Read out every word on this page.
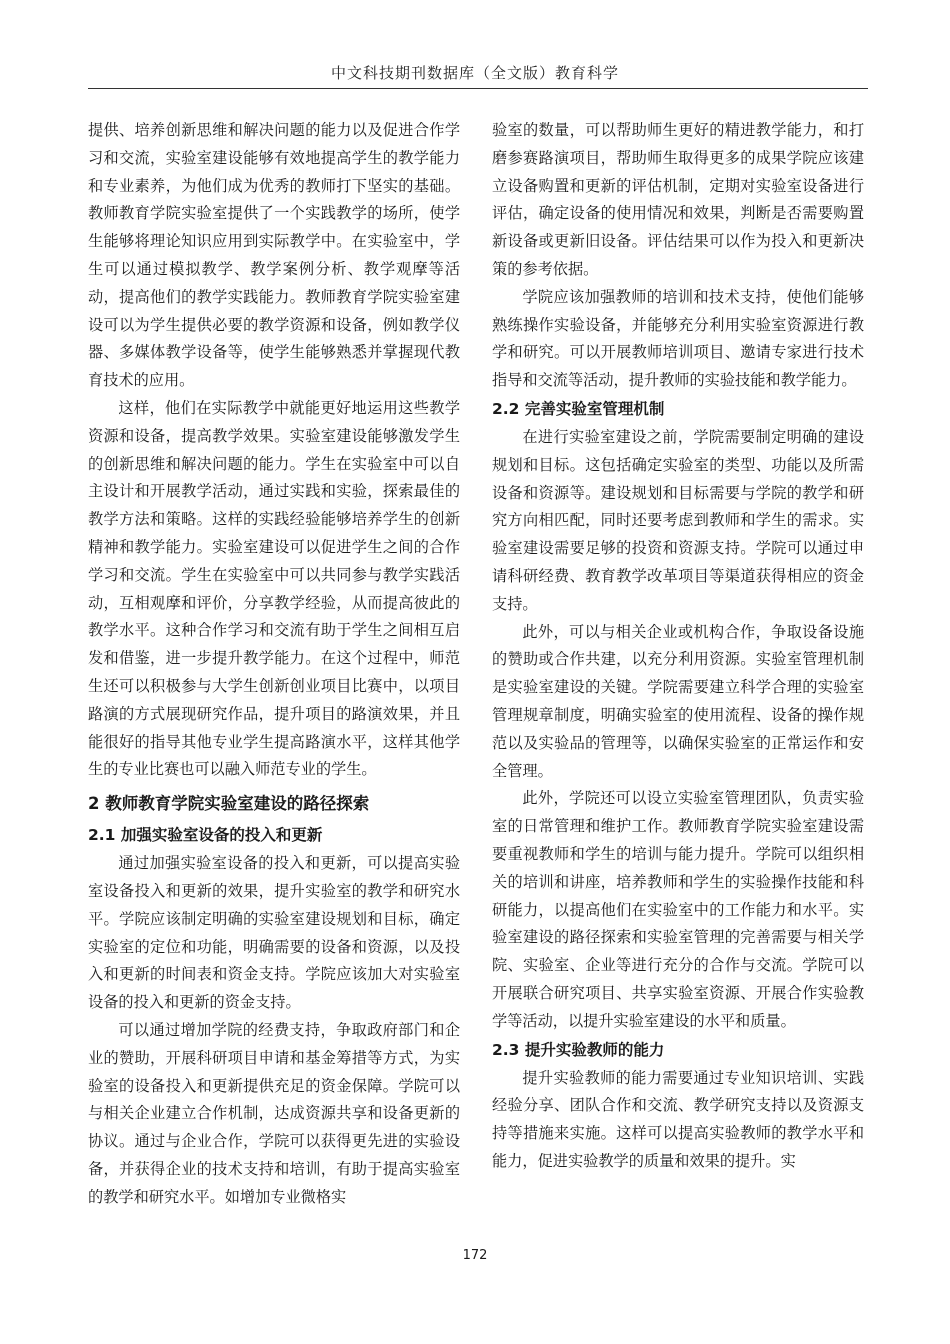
中文科技期刊数据库（全文版）教育科学

提供、培养创新思维和解决问题的能力以及促进合作学习和交流，实验室建设能够有效地提高学生的教学能力和专业素养，为他们成为优秀的教师打下坚实的基础。教师教育学院实验室提供了一个实践教学的场所，使学生能够将理论知识应用到实际教学中。在实验室中，学生可以通过模拟教学、教学案例分析、教学观摩等活动，提高他们的教学实践能力。教师教育学院实验室建设可以为学生提供必要的教学资源和设备，例如教学仪器、多媒体教学设备等，使学生能够熟悉并掌握现代教育技术的应用。

这样，他们在实际教学中就能更好地运用这些教学资源和设备，提高教学效果。实验室建设能够激发学生的创新思维和解决问题的能力。学生在实验室中可以自主设计和开展教学活动，通过实践和实验，探索最佳的教学方法和策略。这样的实践经验能够培养学生的创新精神和教学能力。实验室建设可以促进学生之间的合作学习和交流。学生在实验室中可以共同参与教学实践活动，互相观摩和评价，分享教学经验，从而提高彼此的教学水平。这种合作学习和交流有助于学生之间相互启发和借鉴，进一步提升教学能力。在这个过程中，师范生还可以积极参与大学生创新创业项目比赛中，以项目路演的方式展现研究作品，提升项目的路演效果，并且能很好的指导其他专业学生提高路演水平，这样其他学生的专业比赛也可以融入师范专业的学生。

2 教师教育学院实验室建设的路径探索
2.1 加强实验室设备的投入和更新

通过加强实验室设备的投入和更新，可以提高实验室设备投入和更新的效果，提升实验室的教学和研究水平。学院应该制定明确的实验室建设规划和目标，确定实验室的定位和功能，明确需要的设备和资源，以及投入和更新的时间表和资金支持。学院应该加大对实验室设备的投入和更新的资金支持。

可以通过增加学院的经费支持，争取政府部门和企业的赞助，开展科研项目申请和基金筹措等方式，为实验室的设备投入和更新提供充足的资金保障。学院可以与相关企业建立合作机制，达成资源共享和设备更新的协议。通过与企业合作，学院可以获得更先进的实验设备，并获得企业的技术支持和培训，有助于提高实验室的教学和研究水平。如增加专业微格实

验室的数量，可以帮助师生更好的精进教学能力，和打磨参赛路演项目，帮助师生取得更多的成果学院应该建立设备购置和更新的评估机制，定期对实验室设备进行评估，确定设备的使用情况和效果，判断是否需要购置新设备或更新旧设备。评估结果可以作为投入和更新决策的参考依据。

学院应该加强教师的培训和技术支持，使他们能够熟练操作实验设备，并能够充分利用实验室资源进行教学和研究。可以开展教师培训项目、邀请专家进行技术指导和交流等活动，提升教师的实验技能和教学能力。

2.2 完善实验室管理机制

在进行实验室建设之前，学院需要制定明确的建设规划和目标。这包括确定实验室的类型、功能以及所需设备和资源等。建设规划和目标需要与学院的教学和研究方向相匹配，同时还要考虑到教师和学生的需求。实验室建设需要足够的投资和资源支持。学院可以通过申请科研经费、教育教学改革项目等渠道获得相应的资金支持。

此外，可以与相关企业或机构合作，争取设备设施的赞助或合作共建，以充分利用资源。实验室管理机制是实验室建设的关键。学院需要建立科学合理的实验室管理规章制度，明确实验室的使用流程、设备的操作规范以及实验品的管理等，以确保实验室的正常运作和安全管理。

此外，学院还可以设立实验室管理团队，负责实验室的日常管理和维护工作。教师教育学院实验室建设需要重视教师和学生的培训与能力提升。学院可以组织相关的培训和讲座，培养教师和学生的实验操作技能和科研能力，以提高他们在实验室中的工作能力和水平。实验室建设的路径探索和实验室管理的完善需要与相关学院、实验室、企业等进行充分的合作与交流。学院可以开展联合研究项目、共享实验室资源、开展合作实验教学等活动，以提升实验室建设的水平和质量。

2.3 提升实验教师的能力

提升实验教师的能力需要通过专业知识培训、实践经验分享、团队合作和交流、教学研究支持以及资源支持等措施来实施。这样可以提高实验教师的教学水平和能力，促进实验教学的质量和效果的提升。实

172
